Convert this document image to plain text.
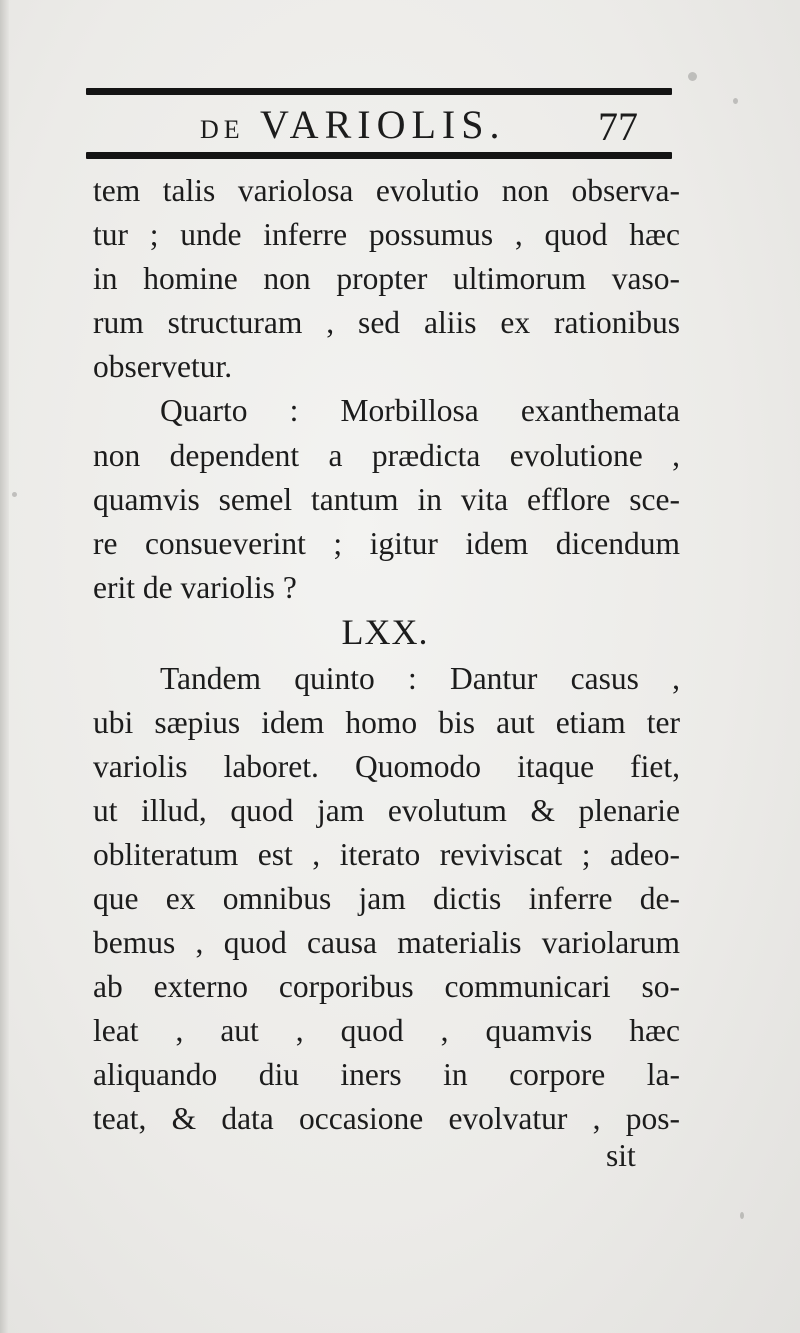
DE VARIOLIS. 77
tem talis variolosa evolutio non observa-
tur ; unde inferre possumus , quod hæc
in homine non propter ultimorum vaso-
rum structuram , sed aliis ex rationibus
observetur.
Quarto : Morbillosa exanthemata
non dependent a prædicta evolutione ,
quamvis semel tantum in vita efflore sce-
re consueverint ; igitur idem dicendum
erit de variolis ?
LXX.
Tandem quinto : Dantur casus ,
ubi sæpius idem homo bis aut etiam ter
variolis laboret. Quomodo itaque fiet,
ut illud, quod jam evolutum & plenarie
obliteratum est , iterato reviviscat ; adeo-
que ex omnibus jam dictis inferre de-
bemus , quod causa materialis variolarum
ab externo corporibus communicari so-
leat , aut , quod , quamvis hæc
aliquando diu iners in corpore la-
teat, & data occasione evolvatur , pos-
sit
